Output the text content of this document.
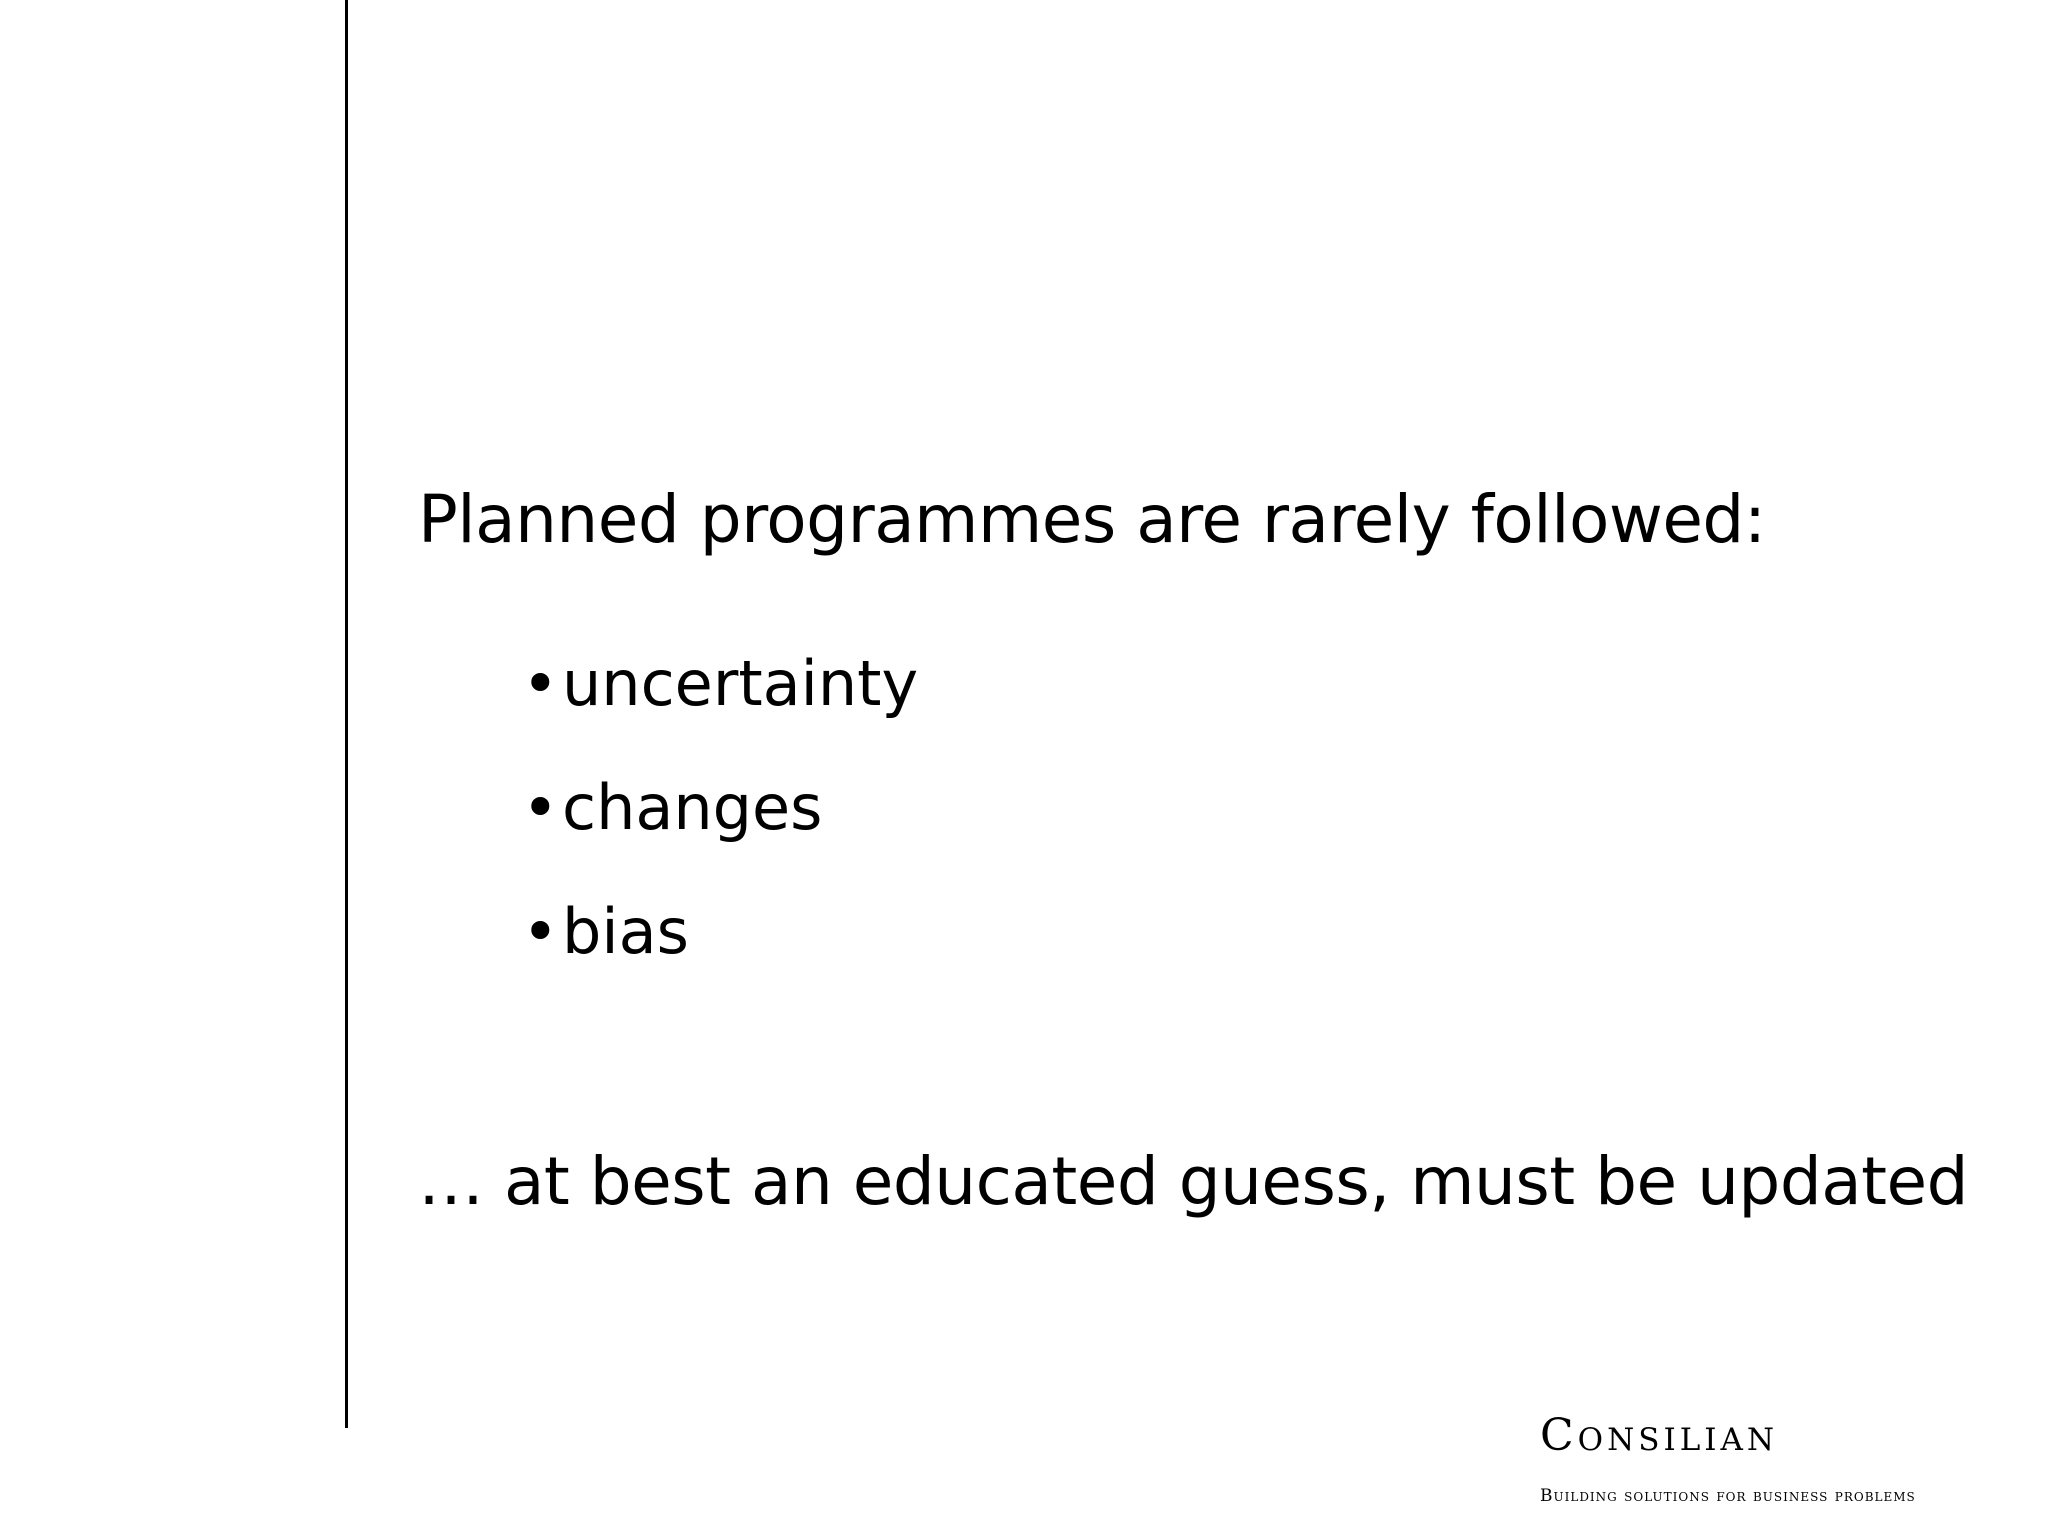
Planned programmes are rarely followed:
• uncertainty
• changes
• bias
… at best an educated guess, must be updated
Consilian
Building solutions for business problems
